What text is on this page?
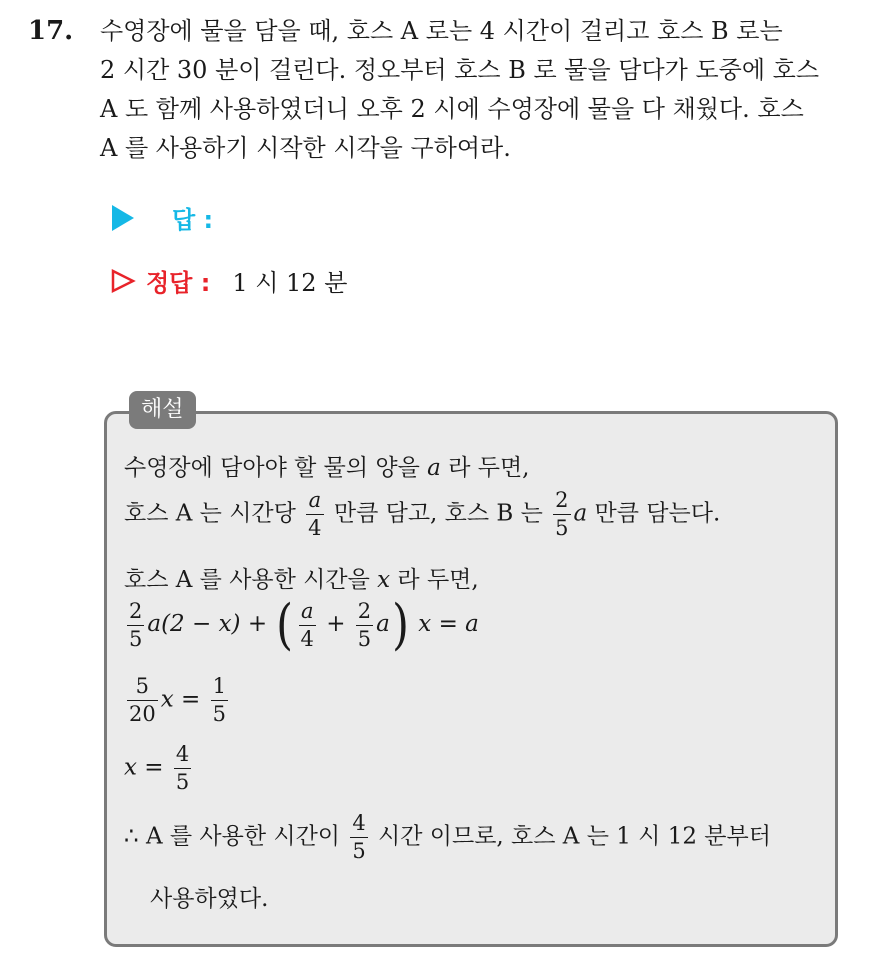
17. 수영장에 물을 담을 때, 호스 A 로는 4 시간이 걸리고 호스 B 로는
2 시간 30 분이 걸린다. 정오부터 호스 B 로 물을 담다가 도중에 호스
A 도 함께 사용하였더니 오후 2 시에 수영장에 물을 다 채웠다. 호스
A 를 사용하기 시작한 시각을 구하여라.
답 :
정답 : 1 시 12 분
해설
수영장에 담아야 할 물의 양을 a 라 두면,
호스 A 는 시간당 $\frac{a}{4}$ 만큼 담고, 호스 B 는 $\frac{2}{5}$ a 만큼 담는다.
호스 A 를 사용한 시간을 x 라 두면,
$\frac{2}{5} a(2 - x)$ + ( $\frac{a}{4} + \frac{2}{5} a$) x = a
$\frac{5}{20}$ $x = \frac{1}{5}$
$x = \frac{4}{5}$
∴ A 를 사용한 시간이 $\frac{4}{5}$ 시간 이므로, 호스 A 는 1 시 12 분부터
사용하였다.
